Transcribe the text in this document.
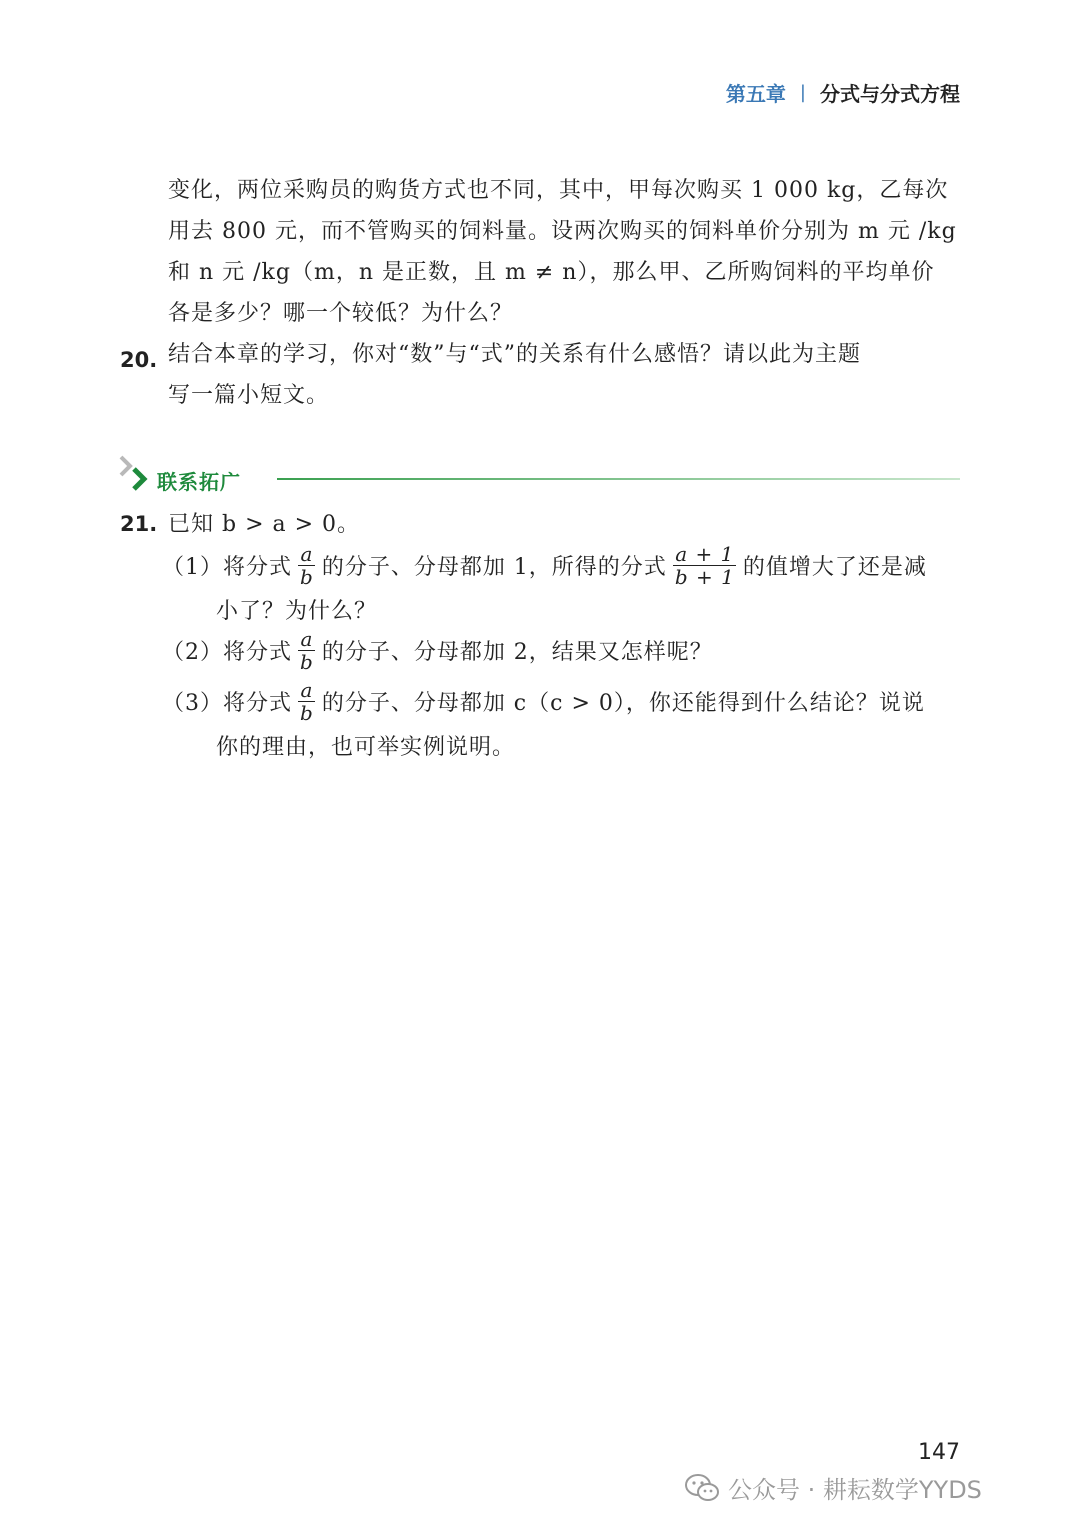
第五章 | 分式与分式方程
变化，两位采购员的购货方式也不同，其中，甲每次购买 1 000 kg，乙每次
用去 800 元，而不管购买的饲料量。设两次购买的饲料单价分别为 m 元 /kg
和 n 元 /kg（m，n 是正数，且 m ≠ n），那么甲、乙所购饲料的平均单价
各是多少？哪一个较低？为什么？
20. 结合本章的学习，你对“数”与“式”的关系有什么感悟？请以此为主题
写一篇小短文。
联系拓广
21. 已知 b > a > 0。
（1）将分式 $\frac{a}{b}$ 的分子、分母都加 1，所得的分式 $\frac{a + 1}{b + 1}$ 的值增大了还是减
小了？为什么？
（2）将分式 $\frac{a}{b}$ 的分子、分母都加 2，结果又怎样呢？
（3）将分式 $\frac{a}{b}$ 的分子、分母都加 c（c > 0），你还能得到什么结论？说说
你的理由，也可举实例说明。
147
公众号 · 耕耘数学YYDS
